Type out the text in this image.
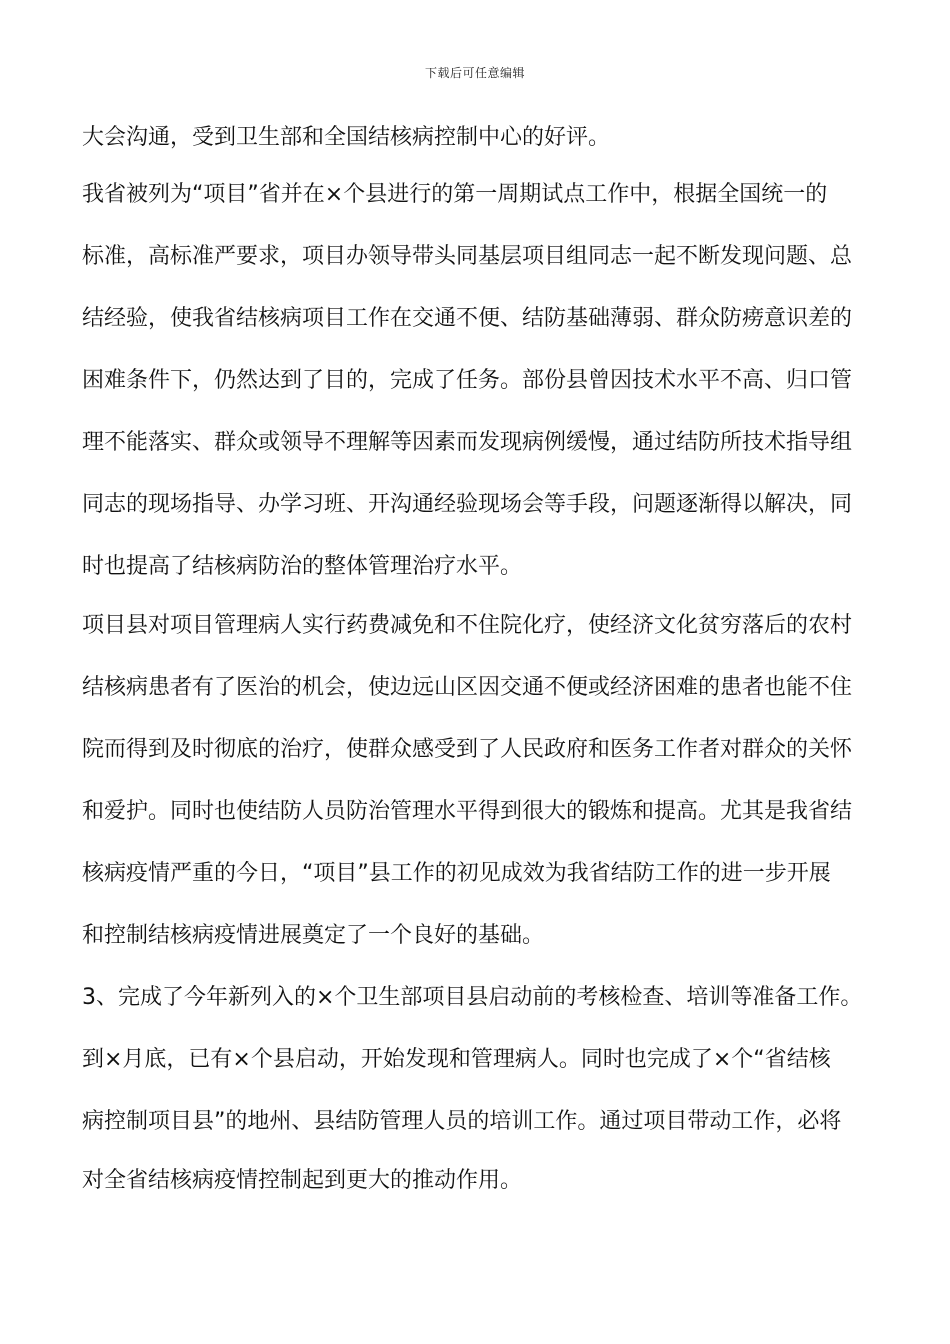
下载后可任意编辑
大会沟通，受到卫生部和全国结核病控制中心的好评。
我省被列为“项目”省并在×个县进行的第一周期试点工作中，根据全国统一的
标准，高标准严要求，项目办领导带头同基层项目组同志一起不断发现问题、总
结经验，使我省结核病项目工作在交通不便、结防基础薄弱、群众防痨意识差的
困难条件下，仍然达到了目的，完成了任务。部份县曾因技术水平不高、归口管
理不能落实、群众或领导不理解等因素而发现病例缓慢，通过结防所技术指导组
同志的现场指导、办学习班、开沟通经验现场会等手段，问题逐渐得以解决，同
时也提高了结核病防治的整体管理治疗水平。
项目县对项目管理病人实行药费减免和不住院化疗，使经济文化贫穷落后的农村
结核病患者有了医治的机会，使边远山区因交通不便或经济困难的患者也能不住
院而得到及时彻底的治疗，使群众感受到了人民政府和医务工作者对群众的关怀
和爱护。同时也使结防人员防治管理水平得到很大的锻炼和提高。尤其是我省结
核病疫情严重的今日，“项目”县工作的初见成效为我省结防工作的进一步开展
和控制结核病疫情进展奠定了一个良好的基础。
3、完成了今年新列入的×个卫生部项目县启动前的考核检查、培训等准备工作。
到×月底，已有×个县启动，开始发现和管理病人。同时也完成了×个“省结核
病控制项目县”的地州、县结防管理人员的培训工作。通过项目带动工作，必将
对全省结核病疫情控制起到更大的推动作用。
